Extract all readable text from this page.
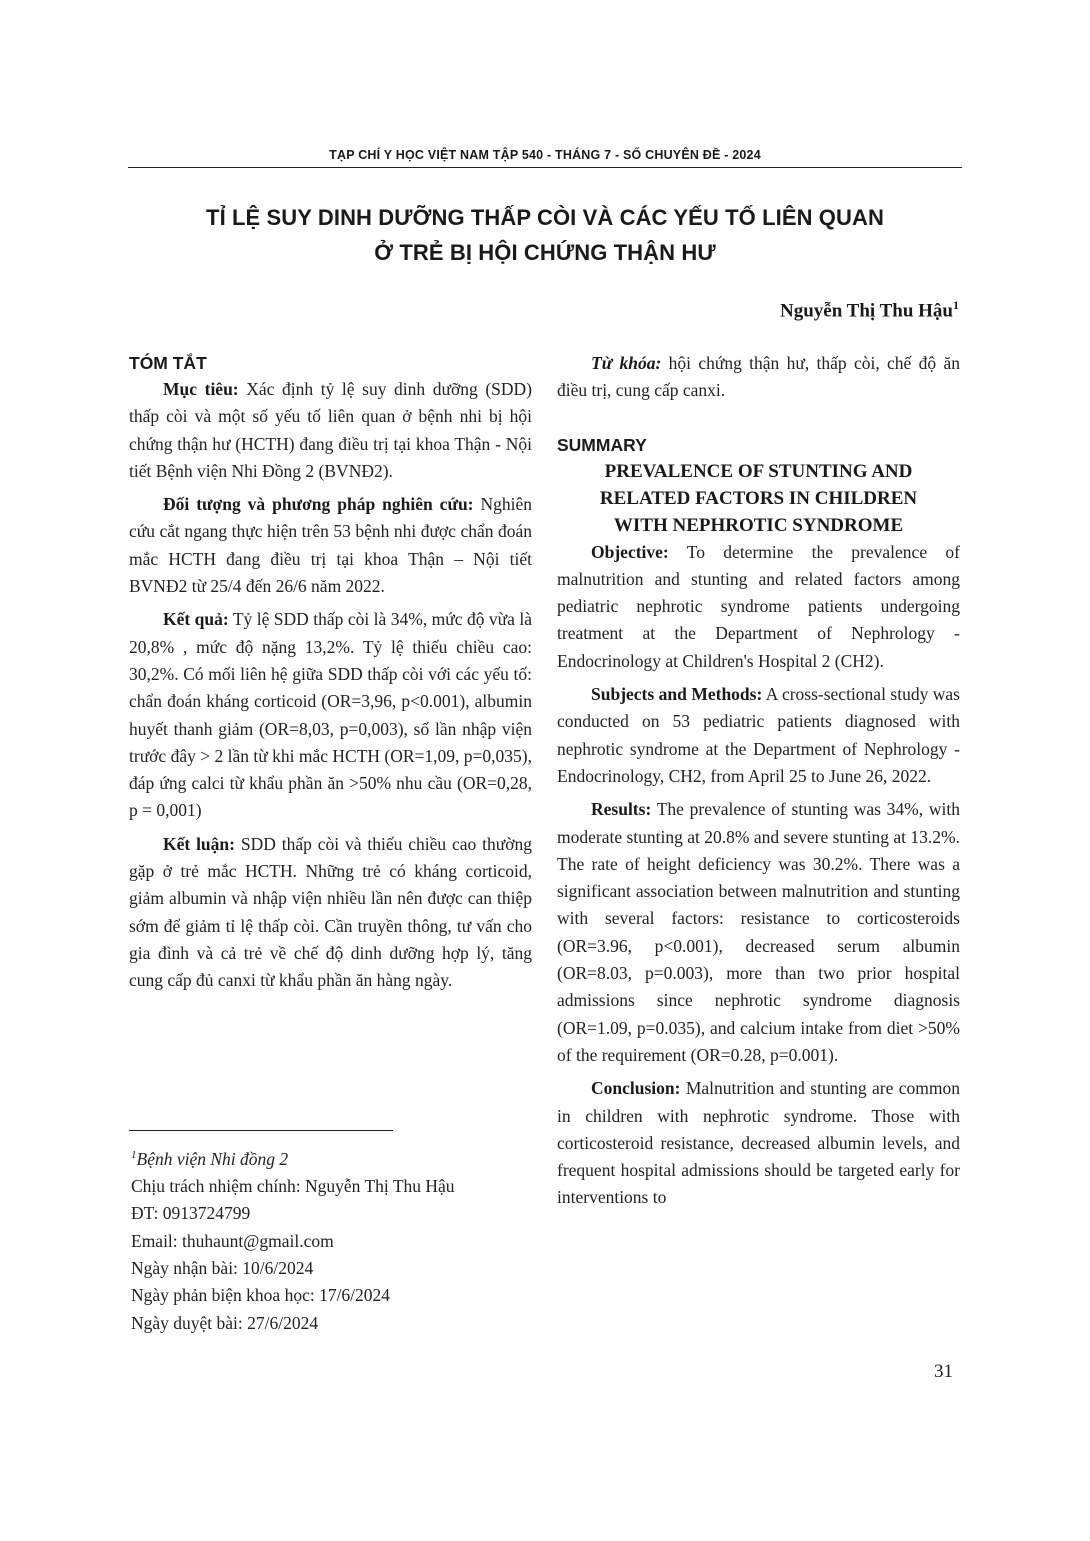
TẠP CHÍ Y HỌC VIỆT NAM TẬP 540 - THÁNG 7 - SỐ CHUYÊN ĐỀ - 2024
TỈ LỆ SUY DINH DƯỠNG THẤP CÒI VÀ CÁC YẾU TỐ LIÊN QUAN
Ở TRẺ BỊ HỘI CHỨNG THẬN HƯ
Nguyễn Thị Thu Hậu$^1$
TÓM TẮT

Mục tiêu: Xác định tỷ lệ suy dinh dưỡng (SDD) thấp còi và một số yếu tố liên quan ở bệnh nhi bị hội chứng thận hư (HCTH) đang điều trị tại khoa Thận - Nội tiết Bệnh viện Nhi Đồng 2 (BVNĐ2).

Đối tượng và phương pháp nghiên cứu: Nghiên cứu cắt ngang thực hiện trên 53 bệnh nhi được chẩn đoán mắc HCTH đang điều trị tại khoa Thận – Nội tiết BVNĐ2 từ 25/4 đến 26/6 năm 2022.

Kết quả: Tỷ lệ SDD thấp còi là 34%, mức độ vừa là 20,8% , mức độ nặng 13,2%. Tỷ lệ thiếu chiều cao: 30,2%. Có mối liên hệ giữa SDD thấp còi với các yếu tố: chẩn đoán kháng corticoid (OR=3,96, p<0.001), albumin huyết thanh giảm (OR=8,03, p=0,003), số lần nhập viện trước đây > 2 lần từ khi mắc HCTH (OR=1,09, p=0,035), đáp ứng calci từ khẩu phần ăn >50% nhu cầu (OR=0,28, p = 0,001)

Kết luận: SDD thấp còi và thiếu chiều cao thường gặp ở trẻ mắc HCTH. Những trẻ có kháng corticoid, giảm albumin và nhập viện nhiều lần nên được can thiệp sớm để giảm tỉ lệ thấp còi. Cần truyền thông, tư vấn cho gia đình và cả trẻ về chế độ dinh dưỡng hợp lý, tăng cung cấp đủ canxi từ khẩu phần ăn hàng ngày.

Từ khóa: hội chứng thận hư, thấp còi, chế độ ăn điều trị, cung cấp canxi.

SUMMARY
PREVALENCE OF STUNTING AND
RELATED FACTORS IN CHILDREN
WITH NEPHROTIC SYNDROME

Objective: To determine the prevalence of malnutrition and stunting and related factors among pediatric nephrotic syndrome patients undergoing treatment at the Department of Nephrology - Endocrinology at Children's Hospital 2 (CH2).

Subjects and Methods: A cross-sectional study was conducted on 53 pediatric patients diagnosed with nephrotic syndrome at the Department of Nephrology - Endocrinology, CH2, from April 25 to June 26, 2022.

Results: The prevalence of stunting was 34%, with moderate stunting at 20.8% and severe stunting at 13.2%. The rate of height deficiency was 30.2%. There was a significant association between malnutrition and stunting with several factors: resistance to corticosteroids (OR=3.96, p<0.001), decreased serum albumin (OR=8.03, p=0.003), more than two prior hospital admissions since nephrotic syndrome diagnosis (OR=1.09, p=0.035), and calcium intake from diet >50% of the requirement (OR=0.28, p=0.001).

Conclusion: Malnutrition and stunting are common in children with nephrotic syndrome. Those with corticosteroid resistance, decreased albumin levels, and frequent hospital admissions should be targeted early for interventions to

$^1$Bệnh viện Nhi đồng 2
Chịu trách nhiệm chính: Nguyễn Thị Thu Hậu
ĐT: 0913724799
Email: thuhaunt@gmail.com
Ngày nhận bài: 10/6/2024
Ngày phản biện khoa học: 17/6/2024
Ngày duyệt bài: 27/6/2024
31
